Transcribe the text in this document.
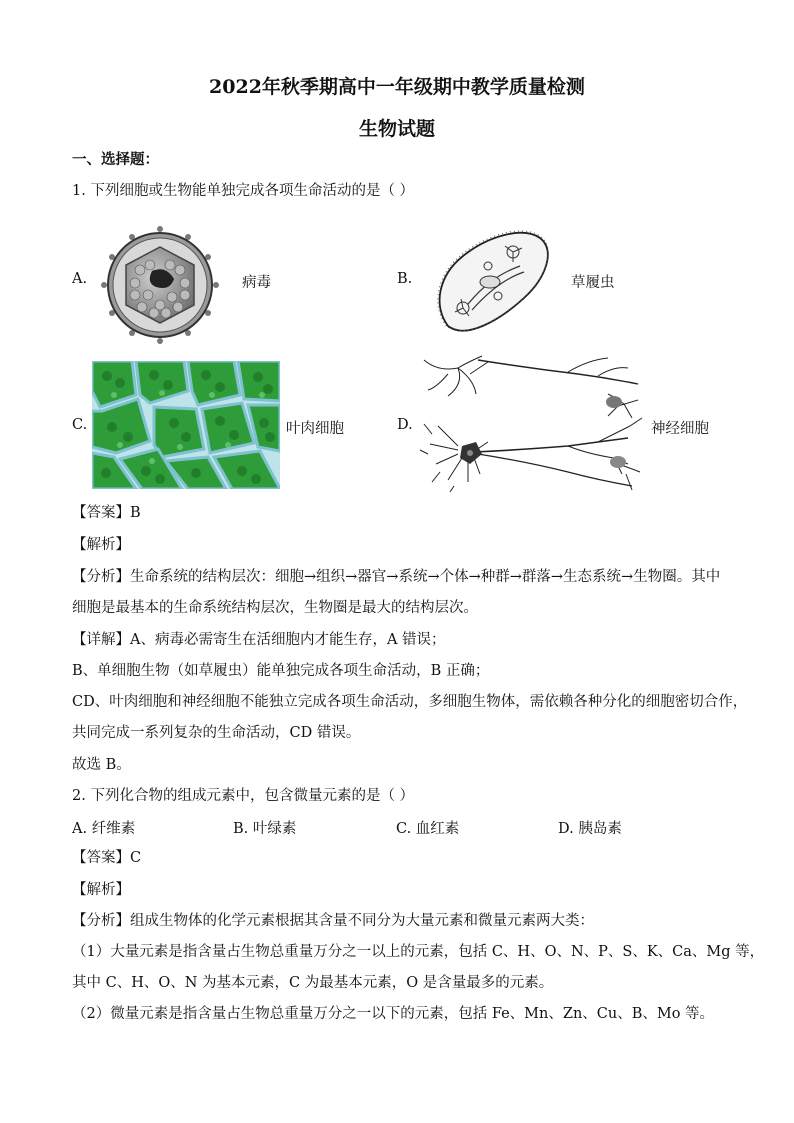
2022年秋季期高中一年级期中教学质量检测
生物试题
一、选择题：
1. 下列细胞或生物能单独完成各项生命活动的是（ ）
A.	病毒	B.	草履虫
C.	叶肉细胞	D.	神经细胞
【答案】B
【解析】
【分析】生命系统的结构层次：细胞→组织→器官→系统→个体→种群→群落→生态系统→生物圈。其中
细胞是最基本的生命系统结构层次，生物圈是最大的结构层次。
【详解】A、病毒必需寄生在活细胞内才能生存，A 错误；
B、单细胞生物（如草履虫）能单独完成各项生命活动，B 正确；
CD、叶肉细胞和神经细胞不能独立完成各项生命活动，多细胞生物体，需依赖各种分化的细胞密切合作，
共同完成一系列复杂的生命活动，CD 错误。
故选 B。
2. 下列化合物的组成元素中，包含微量元素的是（ ）
A. 纤维素	B. 叶绿素	C. 血红素	D. 胰岛素
【答案】C
【解析】
【分析】组成生物体的化学元素根据其含量不同分为大量元素和微量元素两大类：
（1）大量元素是指含量占生物总重量万分之一以上的元素，包括 C、H、O、N、P、S、K、Ca、Mg 等，
其中 C、H、O、N 为基本元素，C 为最基本元素，O 是含量最多的元素。
（2）微量元素是指含量占生物总重量万分之一以下的元素，包括 Fe、Mn、Zn、Cu、B、Mo 等。
